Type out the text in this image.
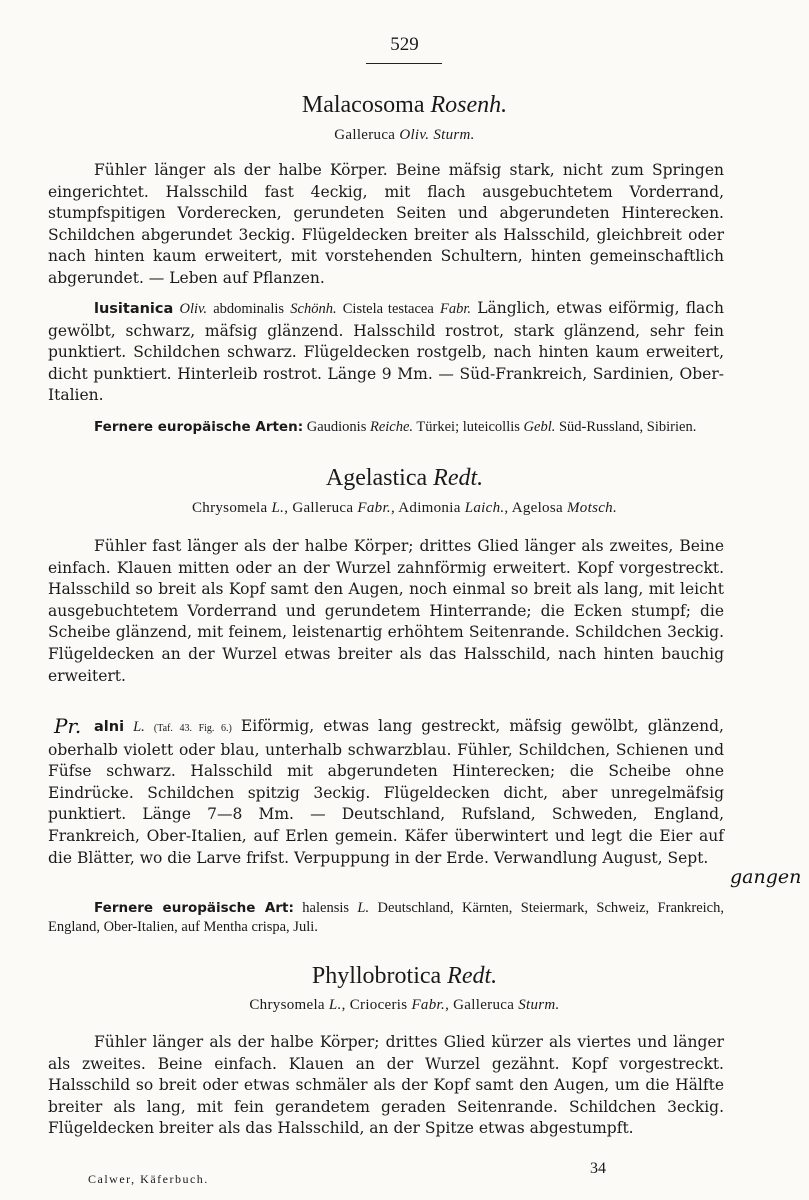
529
Malacosoma Rosenh.
Galleruca Oliv. Sturm.
Fühler länger als der halbe Körper. Beine mäfsig stark, nicht zum Springen eingerichtet. Halsschild fast 4eckig, mit flach ausgebuchtetem Vorderrand, stumpfspitigen Vorderecken, gerundeten Seiten und abgerundeten Hinterecken. Schildchen abgerundet 3eckig. Flügeldecken breiter als Halsschild, gleichbreit oder nach hinten kaum erweitert, mit vorstehenden Schultern, hinten gemeinschaftlich abgerundet. — Leben auf Pflanzen.
lusitanica Oliv. abdominalis Schönh. Cistela testacea Fabr. Länglich, etwas eiförmig, flach gewölbt, schwarz, mäfsig glänzend. Halsschild rostrot, stark glänzend, sehr fein punktiert. Schildchen schwarz. Flügeldecken rostgelb, nach hinten kaum erweitert, dicht punktiert. Hinterleib rostrot. Länge 9 Mm. — Süd-Frankreich, Sardinien, Ober-Italien.
Fernere europäische Arten: Gaudionis Reiche. Türkei; luteicollis Gebl. Süd-Russland, Sibirien.
Agelastica Redt.
Chrysomela L., Galleruca Fabr., Adimonia Laich., Agelosa Motsch.
Fühler fast länger als der halbe Körper; drittes Glied länger als zweites, Beine einfach. Klauen mitten oder an der Wurzel zahnförmig erweitert. Kopf vorgestreckt. Halsschild so breit als Kopf samt den Augen, noch einmal so breit als lang, mit leicht ausgebuchtetem Vorderrand und gerundetem Hinterrande; die Ecken stumpf; die Scheibe glänzend, mit feinem, leistenartig erhöhtem Seitenrande. Schildchen 3eckig. Flügeldecken an der Wurzel etwas breiter als das Halsschild, nach hinten bauchig erweitert.
alni L. (Taf. 43. Fig. 6.) Eiförmig, etwas lang gestreckt, mäfsig gewölbt, glänzend, oberhalb violett oder blau, unterhalb schwarzblau. Fühler, Schildchen, Schienen und Füfse schwarz. Halsschild mit abgerundeten Hinterecken; die Scheibe ohne Eindrücke. Schildchen spitzig 3eckig. Flügeldecken dicht, aber unregelmäfsig punktiert. Länge 7—8 Mm. — Deutschland, Rufsland, Schweden, England, Frankreich, Ober-Italien, auf Erlen gemein. Käfer überwintert und legt die Eier auf die Blätter, wo die Larve frifst. Verpuppung in der Erde. Verwandlung August, Sept.
Pr.
gangen
Fernere europäische Art: halensis L. Deutschland, Kärnten, Steiermark, Schweiz, Frankreich, England, Ober-Italien, auf Mentha crispa, Juli.
Phyllobrotica Redt.
Chrysomela L., Crioceris Fabr., Galleruca Sturm.
Fühler länger als der halbe Körper; drittes Glied kürzer als viertes und länger als zweites. Beine einfach. Klauen an der Wurzel gezähnt. Kopf vorgestreckt. Halsschild so breit oder etwas schmäler als der Kopf samt den Augen, um die Hälfte breiter als lang, mit fein gerandetem geraden Seitenrande. Schildchen 3eckig. Flügeldecken breiter als das Halsschild, an der Spitze etwas abgestumpft.
Calwer, Käferbuch.
34
